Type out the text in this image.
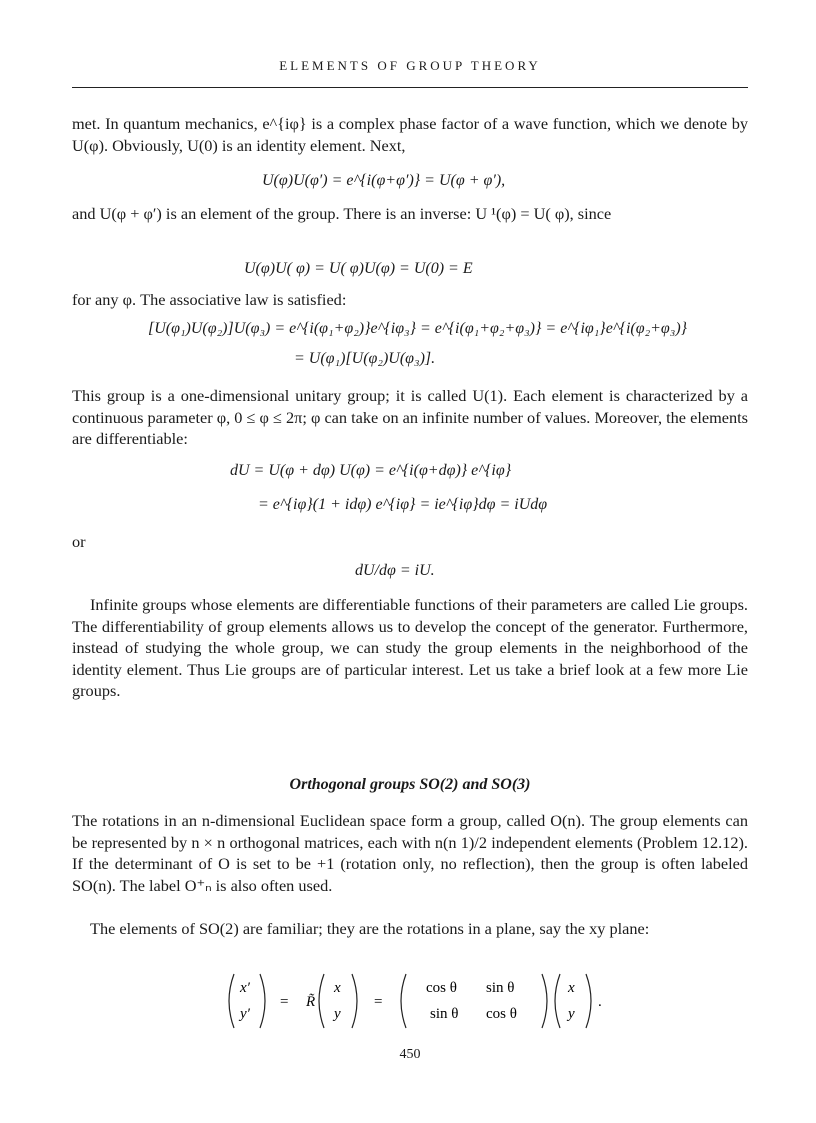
ELEMENTS OF GROUP THEORY

met. In quantum mechanics, e^{iφ} is a complex phase factor of a wave function, which we denote by U(φ). Obviously, U(0) is an identity element. Next,

U(φ)U(φ′) = e^{i(φ+φ′)} = U(φ + φ′),

and U(φ + φ′) is an element of the group. There is an inverse: U ¹(φ) = U( φ), since

U(φ)U( φ) = U( φ)U(φ) = U(0) = E

for any φ. The associative law is satisfied:

[U(φ₁)U(φ₂)]U(φ₃) = e^{i(φ₁+φ₂)}e^{iφ₃} = e^{i(φ₁+φ₂+φ₃)} = e^{iφ₁}e^{i(φ₂+φ₃)}

= U(φ₁)[U(φ₂)U(φ₃)].

This group is a one-dimensional unitary group; it is called U(1). Each element is characterized by a continuous parameter φ, 0 ≤ φ ≤ 2π; φ can take on an infinite number of values. Moreover, the elements are differentiable:

dU = U(φ + dφ) U(φ) = e^{i(φ+dφ)} e^{iφ}

= e^{iφ}(1 + idφ) e^{iφ} = ie^{iφ}dφ = iUdφ

or

dU/dφ = iU.

Infinite groups whose elements are differentiable functions of their parameters are called Lie groups. The differentiability of group elements allows us to develop the concept of the generator. Furthermore, instead of studying the whole group, we can study the group elements in the neighborhood of the identity element. Thus Lie groups are of particular interest. Let us take a brief look at a few more Lie groups.

Orthogonal groups SO(2) and SO(3)

The rotations in an n-dimensional Euclidean space form a group, called O(n). The group elements can be represented by n × n orthogonal matrices, each with n(n 1)/2 independent elements (Problem 12.12). If the determinant of O is set to be +1 (rotation only, no reflection), then the group is often labeled SO(n). The label O⁺ₙ is also often used.

The elements of SO(2) are familiar; they are the rotations in a plane, say the xy plane:

x′
y′
= R̃
x
y
=
cos θ sin θ
sin θ cos θ
x
y
.
450
